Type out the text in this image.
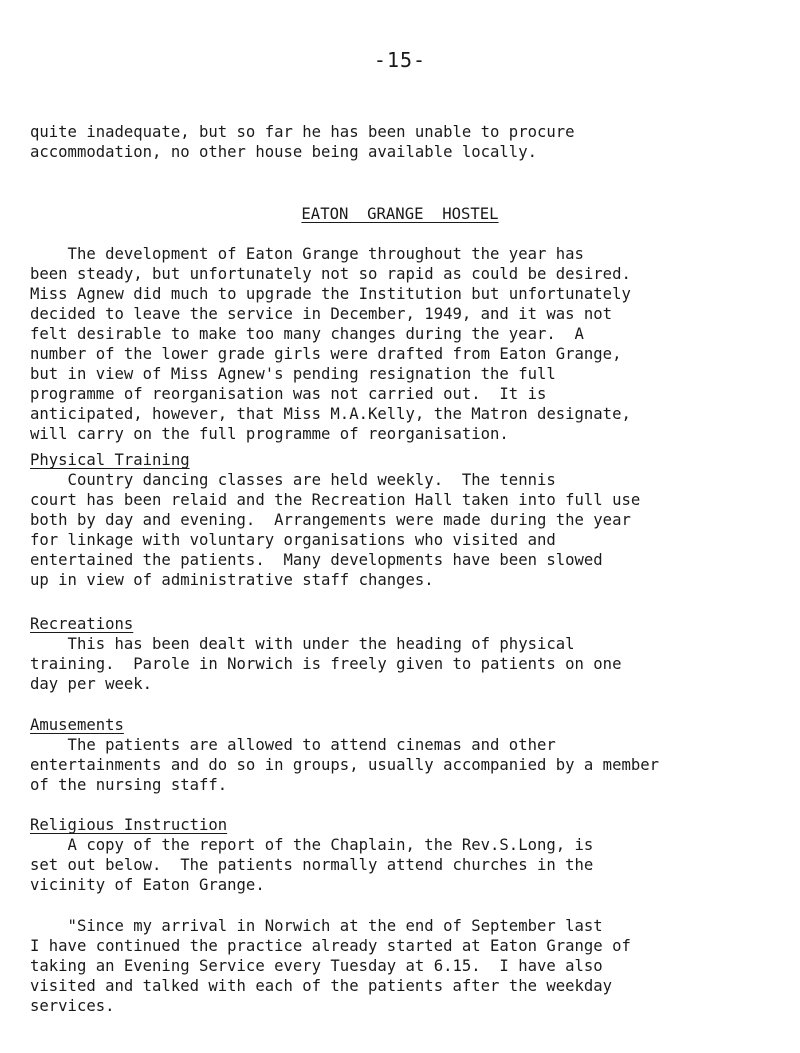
-15-
quite inadequate, but so far he has been unable to procure
accommodation, no other house being available locally.
EATON  GRANGE  HOSTEL
The development of Eaton Grange throughout the year has
been steady, but unfortunately not so rapid as could be desired.
Miss Agnew did much to upgrade the Institution but unfortunately
decided to leave the service in December, 1949, and it was not
felt desirable to make too many changes during the year.  A
number of the lower grade girls were drafted from Eaton Grange,
but in view of Miss Agnew's pending resignation the full
programme of reorganisation was not carried out.  It is
anticipated, however, that Miss M.A.Kelly, the Matron designate,
will carry on the full programme of reorganisation.
Physical Training
Country dancing classes are held weekly.  The tennis
court has been relaid and the Recreation Hall taken into full use
both by day and evening.  Arrangements were made during the year
for linkage with voluntary organisations who visited and
entertained the patients.  Many developments have been slowed
up in view of administrative staff changes.
Recreations
This has been dealt with under the heading of physical
training.  Parole in Norwich is freely given to patients on one
day per week.
Amusements
The patients are allowed to attend cinemas and other
entertainments and do so in groups, usually accompanied by a member
of the nursing staff.
Religious Instruction
A copy of the report of the Chaplain, the Rev.S.Long, is
set out below.  The patients normally attend churches in the
vicinity of Eaton Grange.
"Since my arrival in Norwich at the end of September last
I have continued the practice already started at Eaton Grange of
taking an Evening Service every Tuesday at 6.15.  I have also
visited and talked with each of the patients after the weekday
services.
